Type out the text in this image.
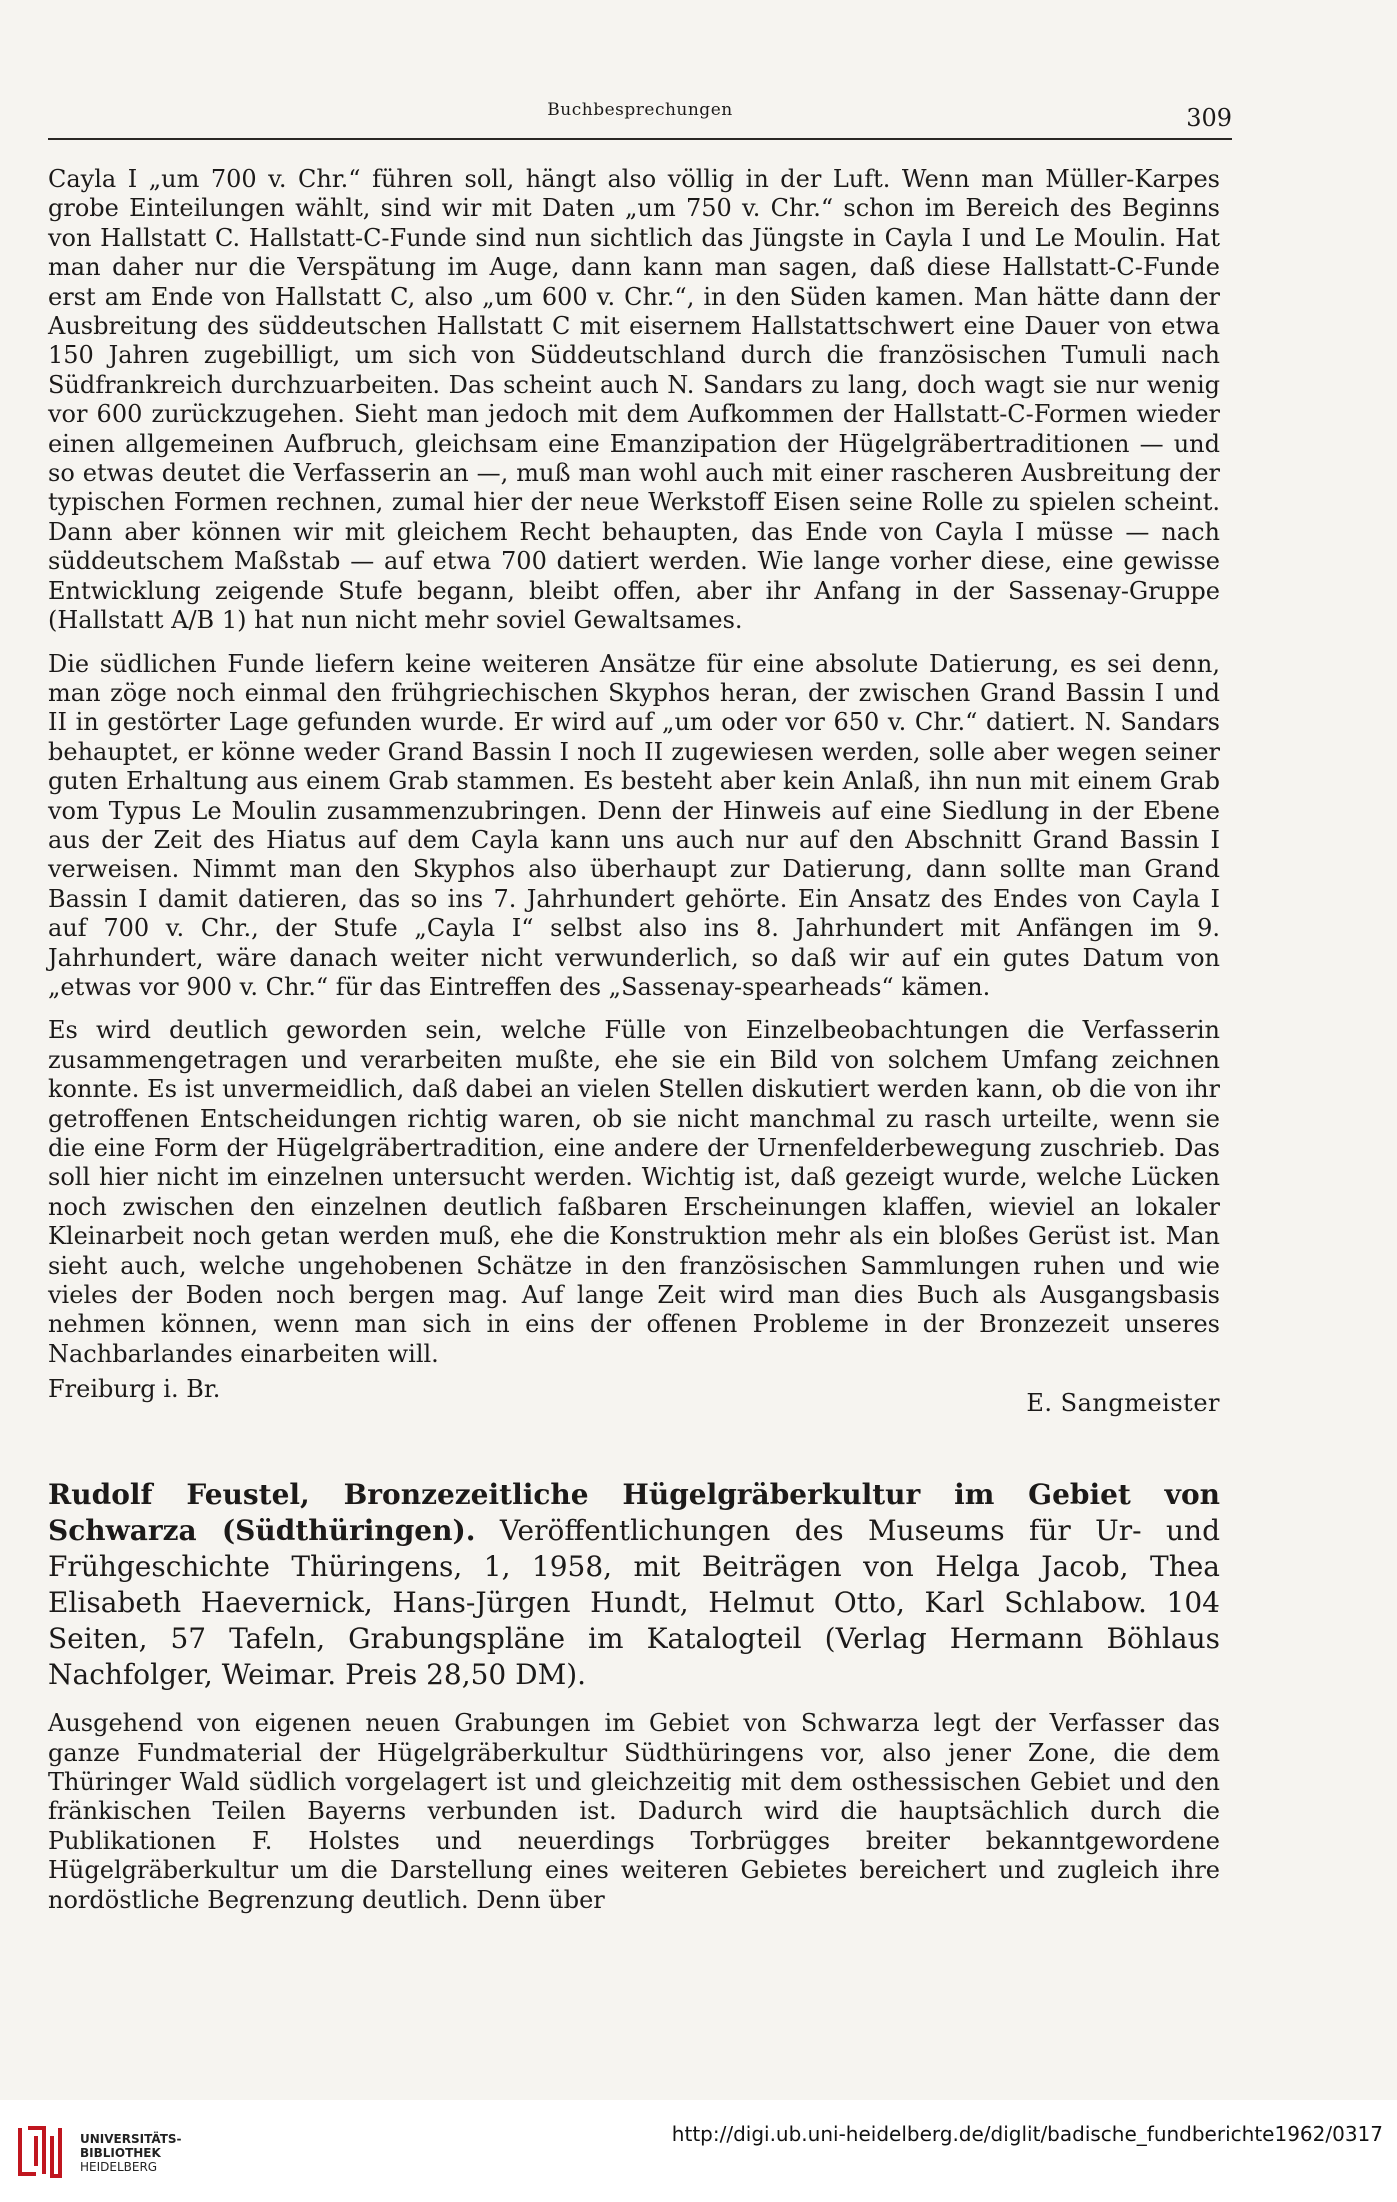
Buchbesprechungen	309

Cayla I „um 700 v. Chr.“ führen soll, hängt also völlig in der Luft. Wenn man Müller-Karpes grobe Einteilungen wählt, sind wir mit Daten „um 750 v. Chr.“ schon im Bereich des Beginns von Hallstatt C. Hallstatt-C-Funde sind nun sichtlich das Jüngste in Cayla I und Le Moulin. Hat man daher nur die Verspätung im Auge, dann kann man sagen, daß diese Hallstatt-C-Funde erst am Ende von Hallstatt C, also „um 600 v. Chr.“, in den Süden kamen. Man hätte dann der Ausbreitung des süddeutschen Hallstatt C mit eisernem Hallstattschwert eine Dauer von etwa 150 Jahren zugebilligt, um sich von Süddeutschland durch die französischen Tumuli nach Südfrankreich durchzuarbeiten. Das scheint auch N. Sandars zu lang, doch wagt sie nur wenig vor 600 zurückzugehen. Sieht man jedoch mit dem Aufkommen der Hallstatt-C-Formen wieder einen allgemeinen Aufbruch, gleichsam eine Emanzipation der Hügelgräbertraditionen — und so etwas deutet die Verfasserin an —, muß man wohl auch mit einer rascheren Ausbreitung der typischen Formen rechnen, zumal hier der neue Werkstoff Eisen seine Rolle zu spielen scheint. Dann aber können wir mit gleichem Recht behaupten, das Ende von Cayla I müsse — nach süddeutschem Maßstab — auf etwa 700 datiert werden. Wie lange vorher diese, eine gewisse Entwicklung zeigende Stufe begann, bleibt offen, aber ihr Anfang in der Sassenay-Gruppe (Hallstatt A/B 1) hat nun nicht mehr soviel Gewaltsames.

Die südlichen Funde liefern keine weiteren Ansätze für eine absolute Datierung, es sei denn, man zöge noch einmal den frühgriechischen Skyphos heran, der zwischen Grand Bassin I und II in gestörter Lage gefunden wurde. Er wird auf „um oder vor 650 v. Chr.“ datiert. N. Sandars behauptet, er könne weder Grand Bassin I noch II zugewiesen werden, solle aber wegen seiner guten Erhaltung aus einem Grab stammen. Es besteht aber kein Anlaß, ihn nun mit einem Grab vom Typus Le Moulin zusammenzubringen. Denn der Hinweis auf eine Siedlung in der Ebene aus der Zeit des Hiatus auf dem Cayla kann uns auch nur auf den Abschnitt Grand Bassin I verweisen. Nimmt man den Skyphos also überhaupt zur Datierung, dann sollte man Grand Bassin I damit datieren, das so ins 7. Jahrhundert gehörte. Ein Ansatz des Endes von Cayla I auf 700 v. Chr., der Stufe „Cayla I“ selbst also ins 8. Jahrhundert mit Anfängen im 9. Jahrhundert, wäre danach weiter nicht verwunderlich, so daß wir auf ein gutes Datum von „etwas vor 900 v. Chr.“ für das Eintreffen des „Sassenay-spearheads“ kämen.

Es wird deutlich geworden sein, welche Fülle von Einzelbeobachtungen die Verfasserin zusammengetragen und verarbeiten mußte, ehe sie ein Bild von solchem Umfang zeichnen konnte. Es ist unvermeidlich, daß dabei an vielen Stellen diskutiert werden kann, ob die von ihr getroffenen Entscheidungen richtig waren, ob sie nicht manchmal zu rasch urteilte, wenn sie die eine Form der Hügelgräbertradition, eine andere der Urnenfelderbewegung zuschrieb. Das soll hier nicht im einzelnen untersucht werden. Wichtig ist, daß gezeigt wurde, welche Lücken noch zwischen den einzelnen deutlich faßbaren Erscheinungen klaffen, wieviel an lokaler Kleinarbeit noch getan werden muß, ehe die Konstruktion mehr als ein bloßes Gerüst ist. Man sieht auch, welche ungehobenen Schätze in den französischen Sammlungen ruhen und wie vieles der Boden noch bergen mag. Auf lange Zeit wird man dies Buch als Ausgangsbasis nehmen können, wenn man sich in eins der offenen Probleme in der Bronzezeit unseres Nachbarlandes einarbeiten will.

Freiburg i. Br.	E. Sangmeister

Rudolf Feustel, Bronzezeitliche Hügelgräberkultur im Gebiet von Schwarza (Südthüringen). Veröffentlichungen des Museums für Ur- und Frühgeschichte Thüringens, 1, 1958, mit Beiträgen von Helga Jacob, Thea Elisabeth Haevernick, Hans-Jürgen Hundt, Helmut Otto, Karl Schlabow. 104 Seiten, 57 Tafeln, Grabungspläne im Katalogteil (Verlag Hermann Böhlaus Nachfolger, Weimar. Preis 28,50 DM).

Ausgehend von eigenen neuen Grabungen im Gebiet von Schwarza legt der Verfasser das ganze Fundmaterial der Hügelgräberkultur Südthüringens vor, also jener Zone, die dem Thüringer Wald südlich vorgelagert ist und gleichzeitig mit dem osthessischen Gebiet und den fränkischen Teilen Bayerns verbunden ist. Dadurch wird die hauptsächlich durch die Publikationen F. Holstes und neuerdings Torbrügges breiter bekanntgewordene Hügelgräberkultur um die Darstellung eines weiteren Gebietes bereichert und zugleich ihre nordöstliche Begrenzung deutlich. Denn über

UNIVERSITÄTS-
BIBLIOTHEK
HEIDELBERG
http://digi.ub.uni-heidelberg.de/diglit/badische_fundberichte1962/0317
